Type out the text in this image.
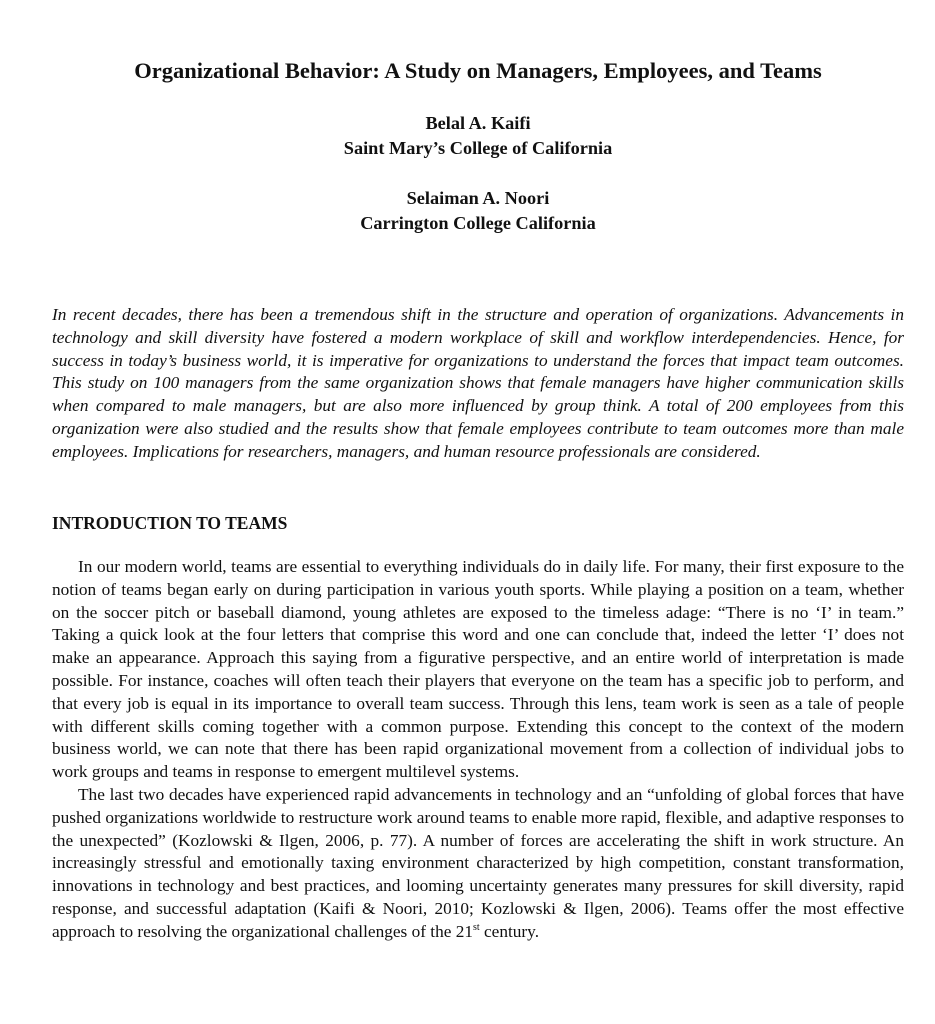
Organizational Behavior: A Study on Managers, Employees, and Teams
Belal A. Kaifi
Saint Mary’s College of California
Selaiman A. Noori
Carrington College California

In recent decades, there has been a tremendous shift in the structure and operation of organizations. Advancements in technology and skill diversity have fostered a modern workplace of skill and workflow interdependencies. Hence, for success in today’s business world, it is imperative for organizations to understand the forces that impact team outcomes. This study on 100 managers from the same organization shows that female managers have higher communication skills when compared to male managers, but are also more influenced by group think. A total of 200 employees from this organization were also studied and the results show that female employees contribute to team outcomes more than male employees. Implications for researchers, managers, and human resource professionals are considered.

INTRODUCTION TO TEAMS

In our modern world, teams are essential to everything individuals do in daily life. For many, their first exposure to the notion of teams began early on during participation in various youth sports. While playing a position on a team, whether on the soccer pitch or baseball diamond, young athletes are exposed to the timeless adage: “There is no ‘I’ in team.” Taking a quick look at the four letters that comprise this word and one can conclude that, indeed the letter ‘I’ does not make an appearance. Approach this saying from a figurative perspective, and an entire world of interpretation is made possible. For instance, coaches will often teach their players that everyone on the team has a specific job to perform, and that every job is equal in its importance to overall team success. Through this lens, team work is seen as a tale of people with different skills coming together with a common purpose. Extending this concept to the context of the modern business world, we can note that there has been rapid organizational movement from a collection of individual jobs to work groups and teams in response to emergent multilevel systems.

The last two decades have experienced rapid advancements in technology and an “unfolding of global forces that have pushed organizations worldwide to restructure work around teams to enable more rapid, flexible, and adaptive responses to the unexpected” (Kozlowski & Ilgen, 2006, p. 77). A number of forces are accelerating the shift in work structure. An increasingly stressful and emotionally taxing environment characterized by high competition, constant transformation, innovations in technology and best practices, and looming uncertainty generates many pressures for skill diversity, rapid response, and successful adaptation (Kaifi & Noori, 2010; Kozlowski & Ilgen, 2006). Teams offer the most effective approach to resolving the organizational challenges of the 21st century.
